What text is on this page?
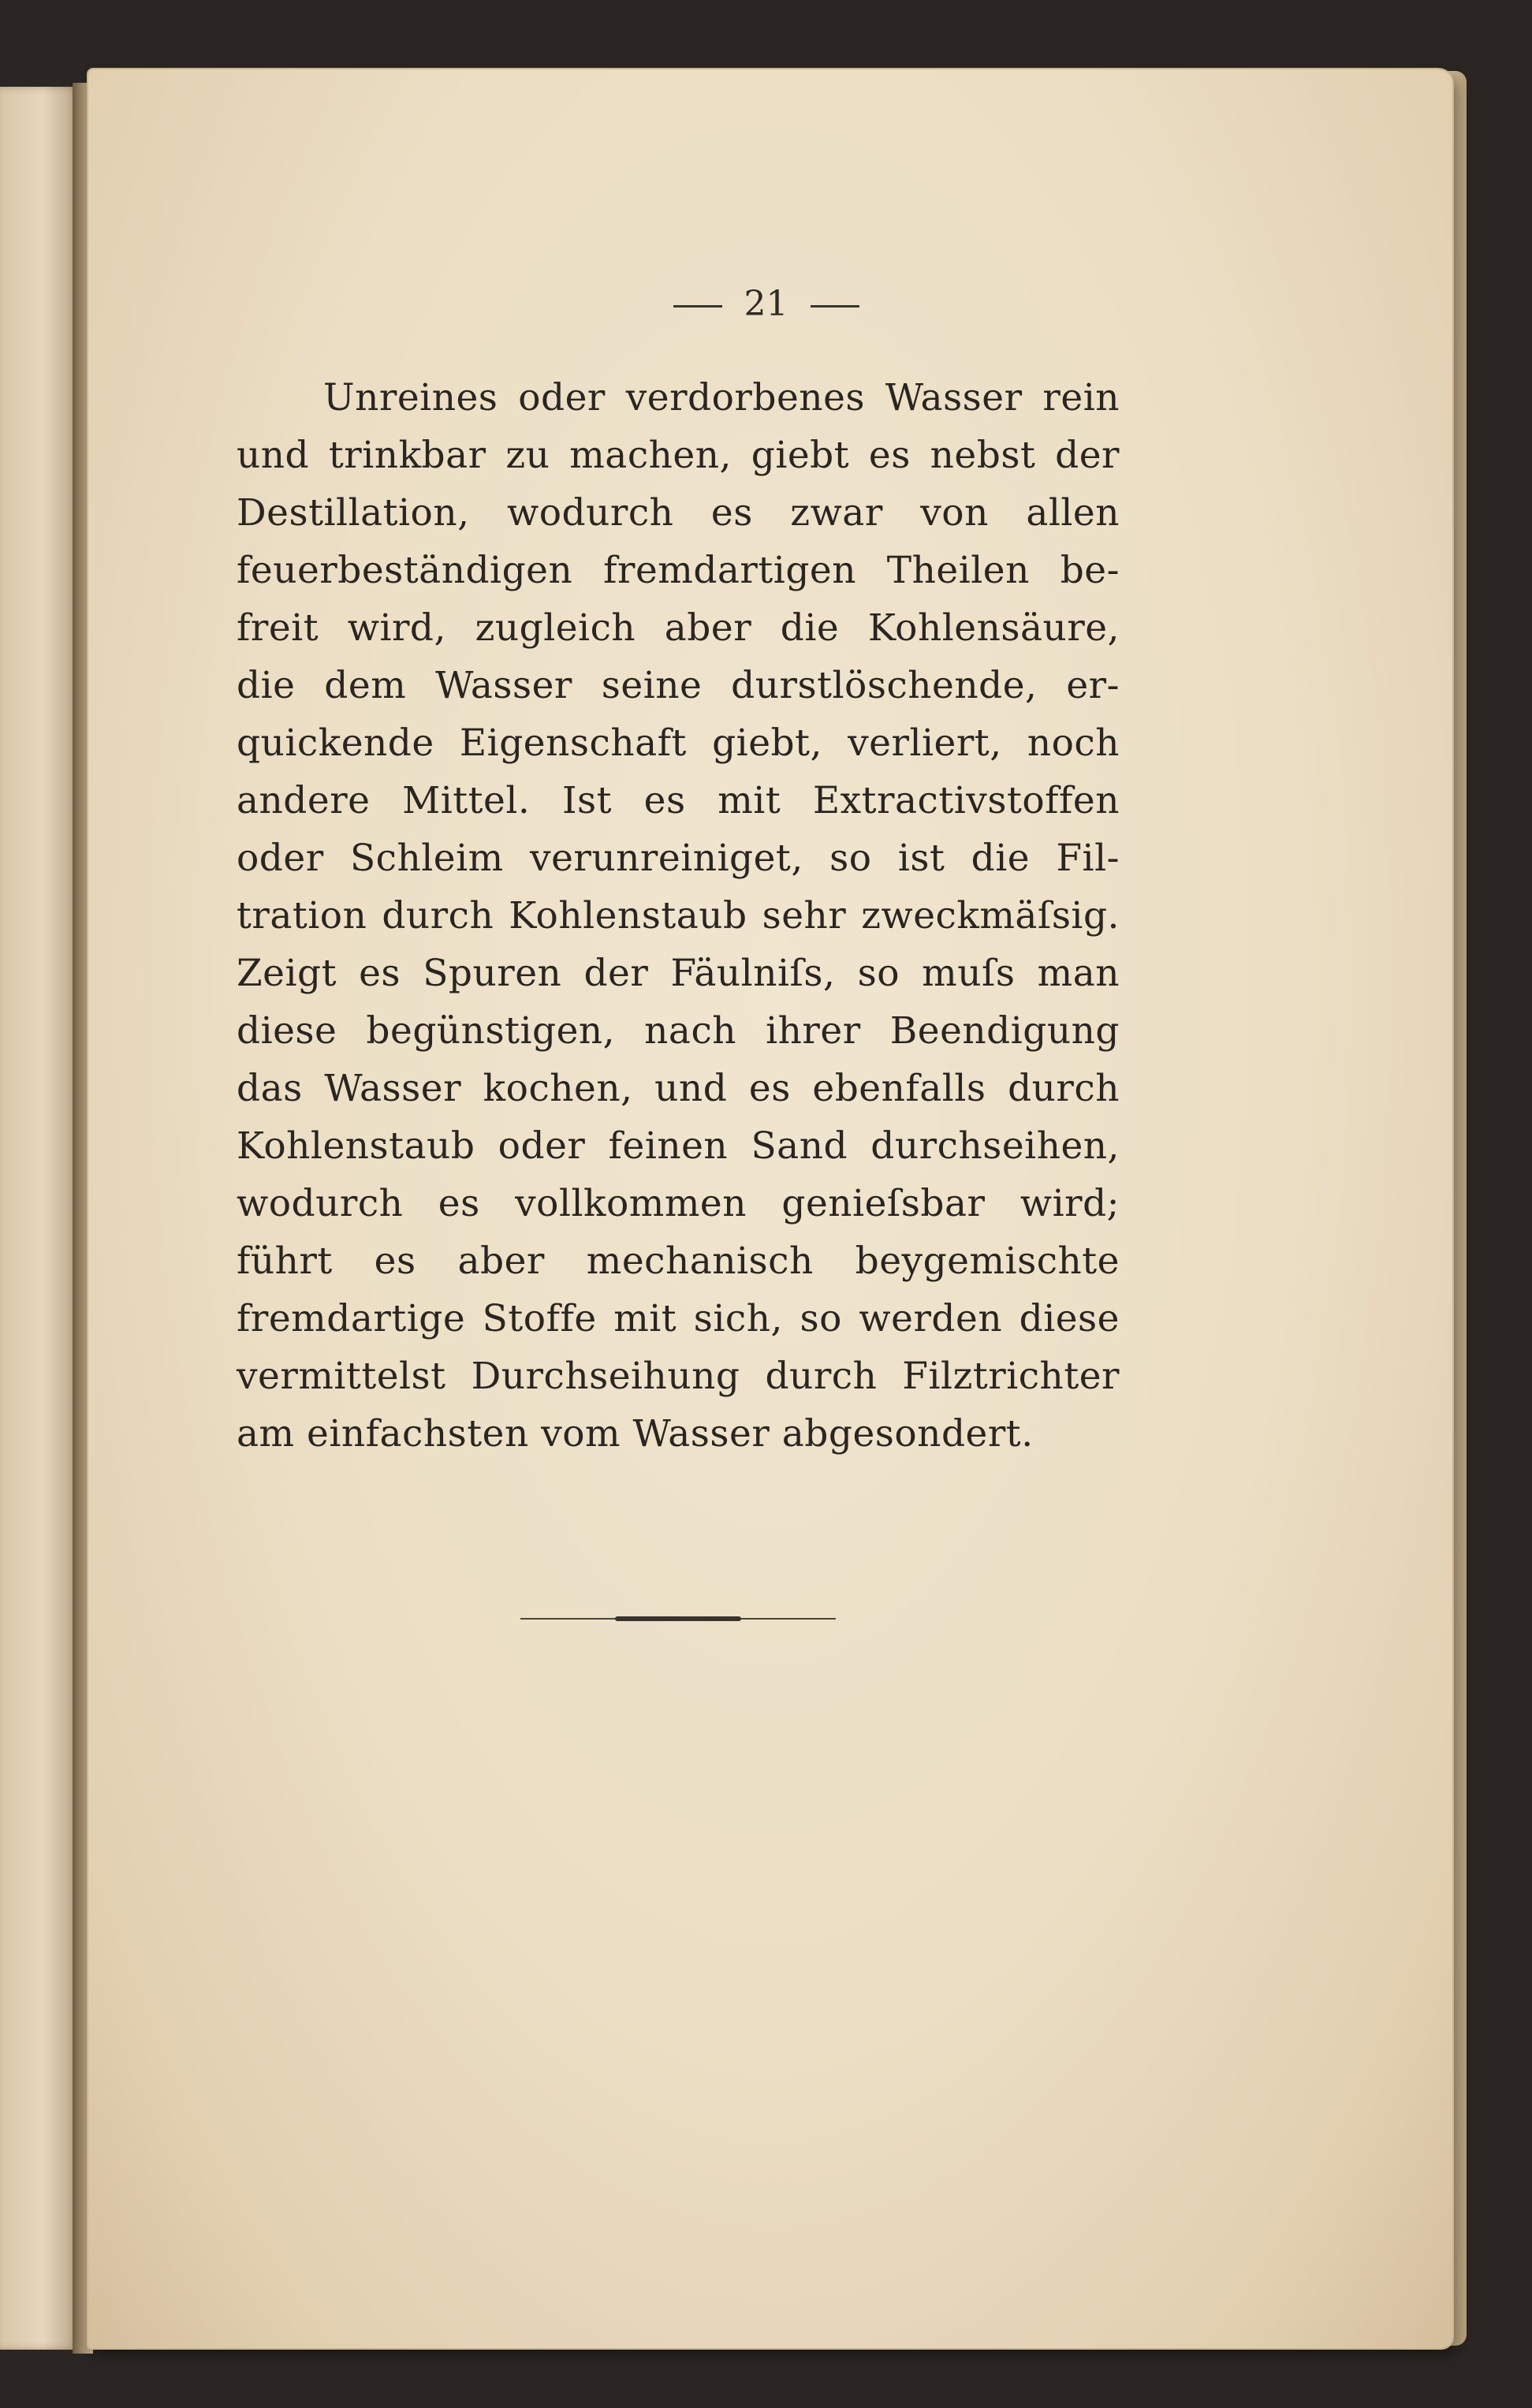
21
Unreines oder verdorbenes Wasser rein
und trinkbar zu machen, giebt es nebst der
Destillation, wodurch es zwar von allen
feuerbeständigen fremdartigen Theilen be-
freit wird, zugleich aber die Kohlensäure,
die dem Wasser seine durstlöschende, er-
quickende Eigenschaft giebt, verliert, noch
andere Mittel. Ist es mit Extractivstoffen
oder Schleim verunreiniget, so ist die Fil-
tration durch Kohlenstaub sehr zweckmäſsig.
Zeigt es Spuren der Fäulniſs, so muſs man
diese begünstigen, nach ihrer Beendigung
das Wasser kochen, und es ebenfalls durch
Kohlenstaub oder feinen Sand durchseihen,
wodurch es vollkommen genieſsbar wird;
führt es aber mechanisch beygemischte
fremdartige Stoffe mit sich, so werden diese
vermittelst Durchseihung durch Filztrichter
am einfachsten vom Wasser abgesondert.
